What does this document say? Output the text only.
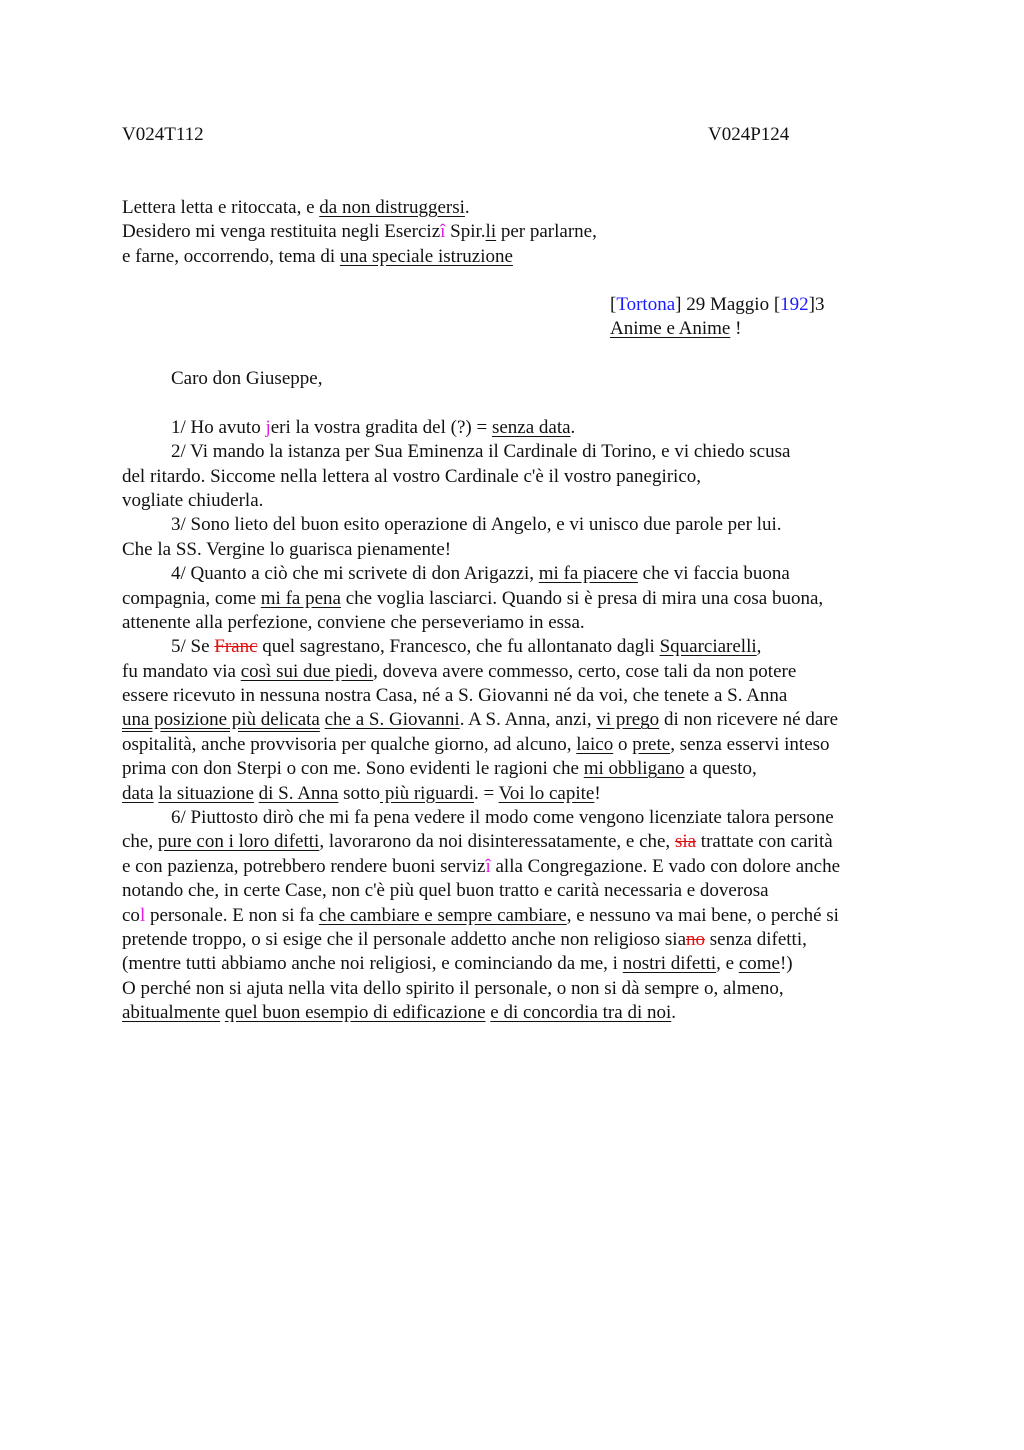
V024T112	V024P124
Lettera letta e ritoccata, e da non distruggersi.
Desidero mi venga restituita negli Esercizî Spir.li per parlarne,
e farne, occorrendo, tema di una speciale istruzione
[Tortona] 29 Maggio [192]3
Anime e Anime !
Caro don Giuseppe,
1/ Ho avuto jeri la vostra gradita del (?) = senza data.
2/ Vi mando la istanza per Sua Eminenza il Cardinale di Torino, e vi chiedo scusa
del ritardo. Siccome nella lettera al vostro Cardinale c'è il vostro panegirico,
vogliate chiuderla.
3/ Sono lieto del buon esito operazione di Angelo, e vi unisco due parole per lui.
Che la SS. Vergine lo guarisca pienamente!
4/ Quanto a ciò che mi scrivete di don Arigazzi, mi fa piacere che vi faccia buona
compagnia, come mi fa pena che voglia lasciarci. Quando si è presa di mira una cosa buona,
attenente alla perfezione, conviene che perseveriamo in essa.
5/ Se Franc quel sagrestano, Francesco, che fu allontanato dagli Squarciarelli,
fu mandato via così sui due piedi, doveva avere commesso, certo, cose tali da non potere
essere ricevuto in nessuna nostra Casa, né a S. Giovanni né da voi, che tenete a S. Anna
una posizione più delicata che a S. Giovanni. A S. Anna, anzi, vi prego di non ricevere né dare
ospitalità, anche provvisoria per qualche giorno, ad alcuno, laico o prete, senza esservi inteso
prima con don Sterpi o con me. Sono evidenti le ragioni che mi obbligano a questo,
data la situazione di S. Anna sotto più riguardi. = Voi lo capite!
6/ Piuttosto dirò che mi fa pena vedere il modo come vengono licenziate talora persone
che, pure con i loro difetti, lavorarono da noi disinteressatamente, e che, sia trattate con carità
e con pazienza, potrebbero rendere buoni servizî alla Congregazione. E vado con dolore anche
notando che, in certe Case, non c'è più quel buon tratto e carità necessaria e doverosa
col personale. E non si fa che cambiare e sempre cambiare, e nessuno va mai bene, o perché si
pretende troppo, o si esige che il personale addetto anche non religioso siano senza difetti,
(mentre tutti abbiamo anche noi religiosi, e cominciando da me, i nostri difetti, e come!)
O perché non si ajuta nella vita dello spirito il personale, o non si dà sempre o, almeno,
abitualmente quel buon esempio di edificazione e di concordia tra di noi.
